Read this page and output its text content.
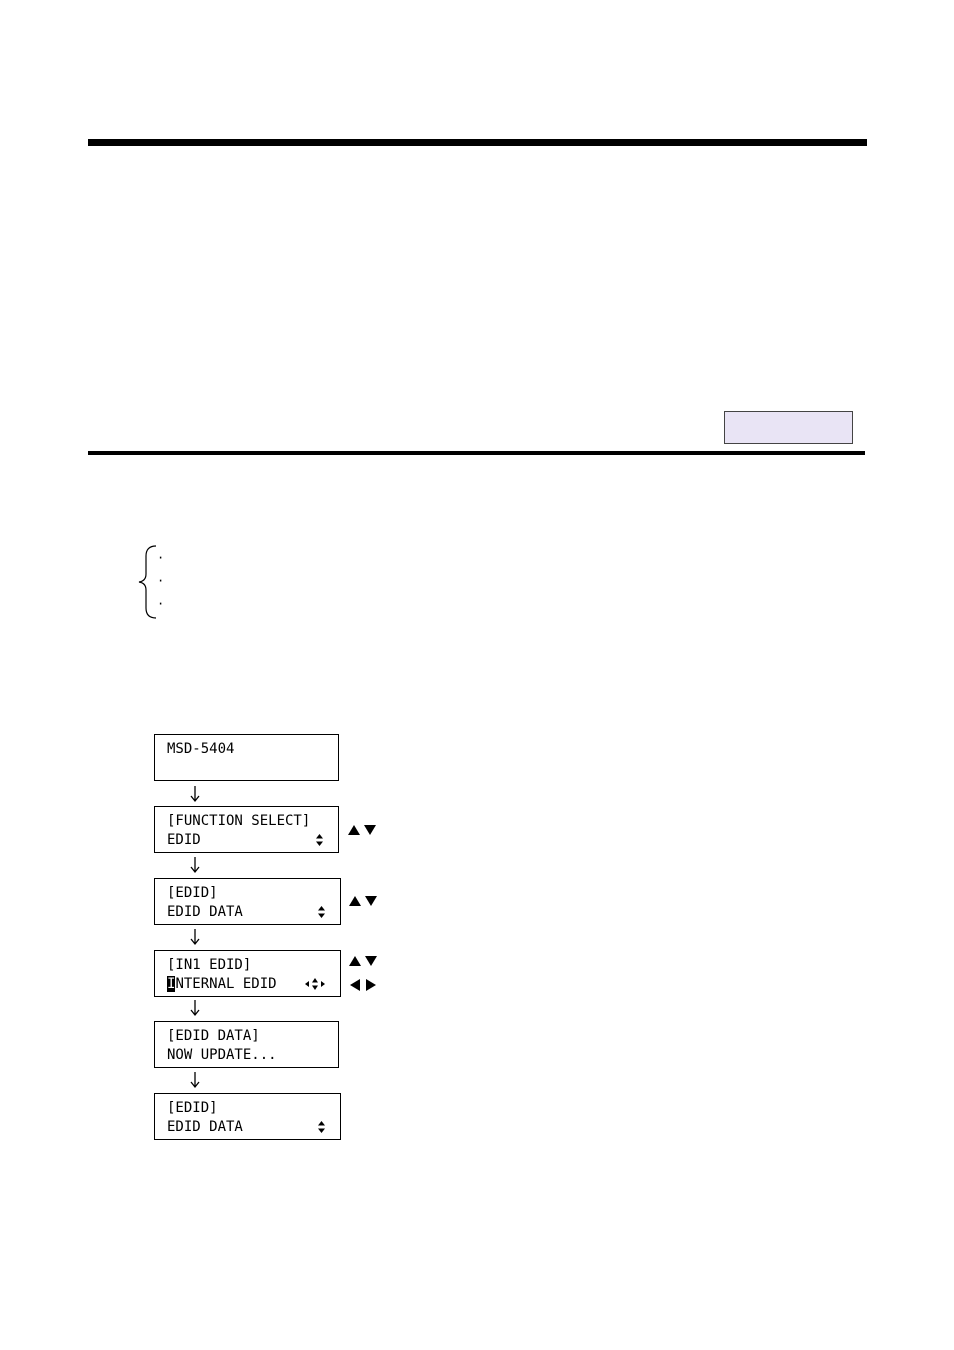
·
·
·
MSD-5404
[FUNCTION SELECT]
EDID
[EDID]
EDID DATA
[IN1 EDID]
INTERNAL EDID
[EDID DATA]
NOW UPDATE...
[EDID]
EDID DATA
